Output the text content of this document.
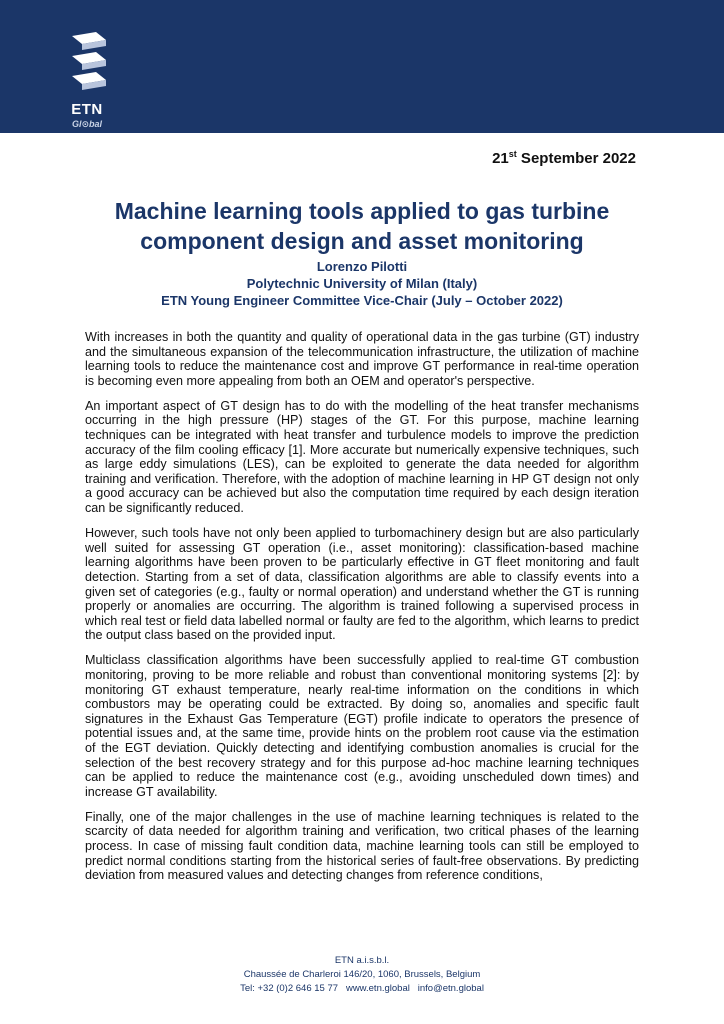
ETN
Gl⊙bal
21st September 2022
Machine learning tools applied to gas turbine component design and asset monitoring
Lorenzo Pilotti
Polytechnic University of Milan (Italy)
ETN Young Engineer Committee Vice-Chair (July – October 2022)

With increases in both the quantity and quality of operational data in the gas turbine (GT) industry and the simultaneous expansion of the telecommunication infrastructure, the utilization of machine learning tools to reduce the maintenance cost and improve GT performance in real-time operation is becoming even more appealing from both an OEM and operator's perspective.

An important aspect of GT design has to do with the modelling of the heat transfer mechanisms occurring in the high pressure (HP) stages of the GT. For this purpose, machine learning techniques can be integrated with heat transfer and turbulence models to improve the prediction accuracy of the film cooling efficacy [1]. More accurate but numerically expensive techniques, such as large eddy simulations (LES), can be exploited to generate the data needed for algorithm training and verification. Therefore, with the adoption of machine learning in HP GT design not only a good accuracy can be achieved but also the computation time required by each design iteration can be significantly reduced.

However, such tools have not only been applied to turbomachinery design but are also particularly well suited for assessing GT operation (i.e., asset monitoring): classification-based machine learning algorithms have been proven to be particularly effective in GT fleet monitoring and fault detection. Starting from a set of data, classification algorithms are able to classify events into a given set of categories (e.g., faulty or normal operation) and understand whether the GT is running properly or anomalies are occurring. The algorithm is trained following a supervised process in which real test or field data labelled normal or faulty are fed to the algorithm, which learns to predict the output class based on the provided input.

Multiclass classification algorithms have been successfully applied to real-time GT combustion monitoring, proving to be more reliable and robust than conventional monitoring systems [2]: by monitoring GT exhaust temperature, nearly real-time information on the conditions in which combustors may be operating could be extracted. By doing so, anomalies and specific fault signatures in the Exhaust Gas Temperature (EGT) profile indicate to operators the presence of potential issues and, at the same time, provide hints on the problem root cause via the estimation of the EGT deviation. Quickly detecting and identifying combustion anomalies is crucial for the selection of the best recovery strategy and for this purpose ad-hoc machine learning techniques can be applied to reduce the maintenance cost (e.g., avoiding unscheduled down times) and increase GT availability.

Finally, one of the major challenges in the use of machine learning techniques is related to the scarcity of data needed for algorithm training and verification, two critical phases of the learning process. In case of missing fault condition data, machine learning tools can still be employed to predict normal conditions starting from the historical series of fault-free observations. By predicting deviation from measured values and detecting changes from reference conditions,

ETN a.i.s.b.l.
Chaussée de Charleroi 146/20, 1060, Brussels, Belgium
Tel: +32 (0)2 646 15 77   www.etn.global   info@etn.global
